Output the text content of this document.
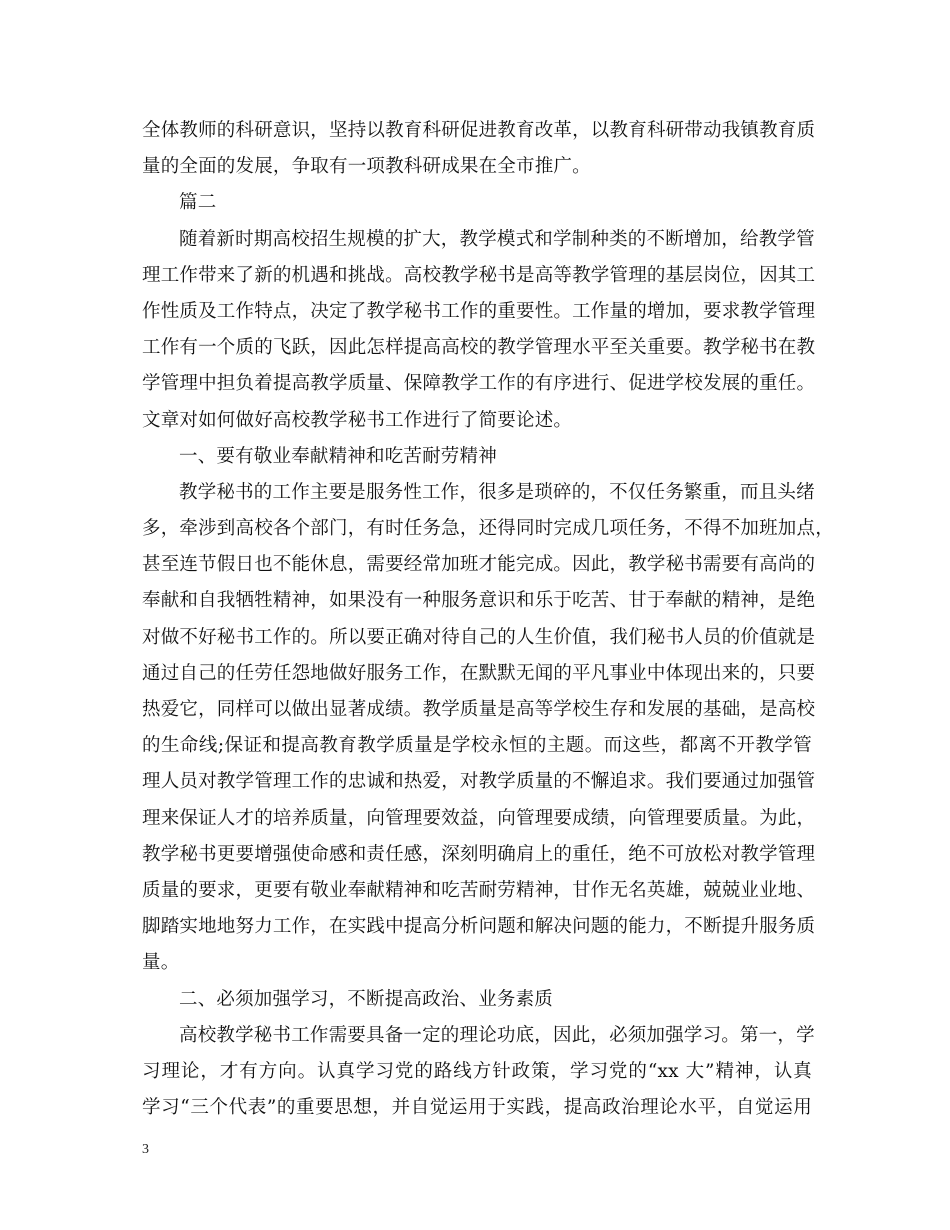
全体教师的科研意识，坚持以教育科研促进教育改革，以教育科研带动我镇教育质
量的全面的发展，争取有一项教科研成果在全市推广。
篇二
随着新时期高校招生规模的扩大，教学模式和学制种类的不断增加，给教学管
理工作带来了新的机遇和挑战。高校教学秘书是高等教学管理的基层岗位，因其工
作性质及工作特点，决定了教学秘书工作的重要性。工作量的增加，要求教学管理
工作有一个质的飞跃，因此怎样提高高校的教学管理水平至关重要。教学秘书在教
学管理中担负着提高教学质量、保障教学工作的有序进行、促进学校发展的重任。
文章对如何做好高校教学秘书工作进行了简要论述。
一、要有敬业奉献精神和吃苦耐劳精神
教学秘书的工作主要是服务性工作，很多是琐碎的，不仅任务繁重，而且头绪
多，牵涉到高校各个部门，有时任务急，还得同时完成几项任务，不得不加班加点，
甚至连节假日也不能休息，需要经常加班才能完成。因此，教学秘书需要有高尚的
奉献和自我牺牲精神，如果没有一种服务意识和乐于吃苦、甘于奉献的精神，是绝
对做不好秘书工作的。所以要正确对待自己的人生价值，我们秘书人员的价值就是
通过自己的任劳任怨地做好服务工作，在默默无闻的平凡事业中体现出来的，只要
热爱它，同样可以做出显著成绩。教学质量是高等学校生存和发展的基础，是高校
的生命线;保证和提高教育教学质量是学校永恒的主题。而这些，都离不开教学管
理人员对教学管理工作的忠诚和热爱，对教学质量的不懈追求。我们要通过加强管
理来保证人才的培养质量，向管理要效益，向管理要成绩，向管理要质量。为此，
教学秘书更要增强使命感和责任感，深刻明确肩上的重任，绝不可放松对教学管理
质量的要求，更要有敬业奉献精神和吃苦耐劳精神，甘作无名英雄，兢兢业业地、
脚踏实地地努力工作，在实践中提高分析问题和解决问题的能力，不断提升服务质
量。
二、必须加强学习，不断提高政治、业务素质
高校教学秘书工作需要具备一定的理论功底，因此，必须加强学习。第一，学
习理论，才有方向。认真学习党的路线方针政策，学习党的“xx 大”精神，认真
学习“三个代表”的重要思想，并自觉运用于实践，提高政治理论水平，自觉运用
3
